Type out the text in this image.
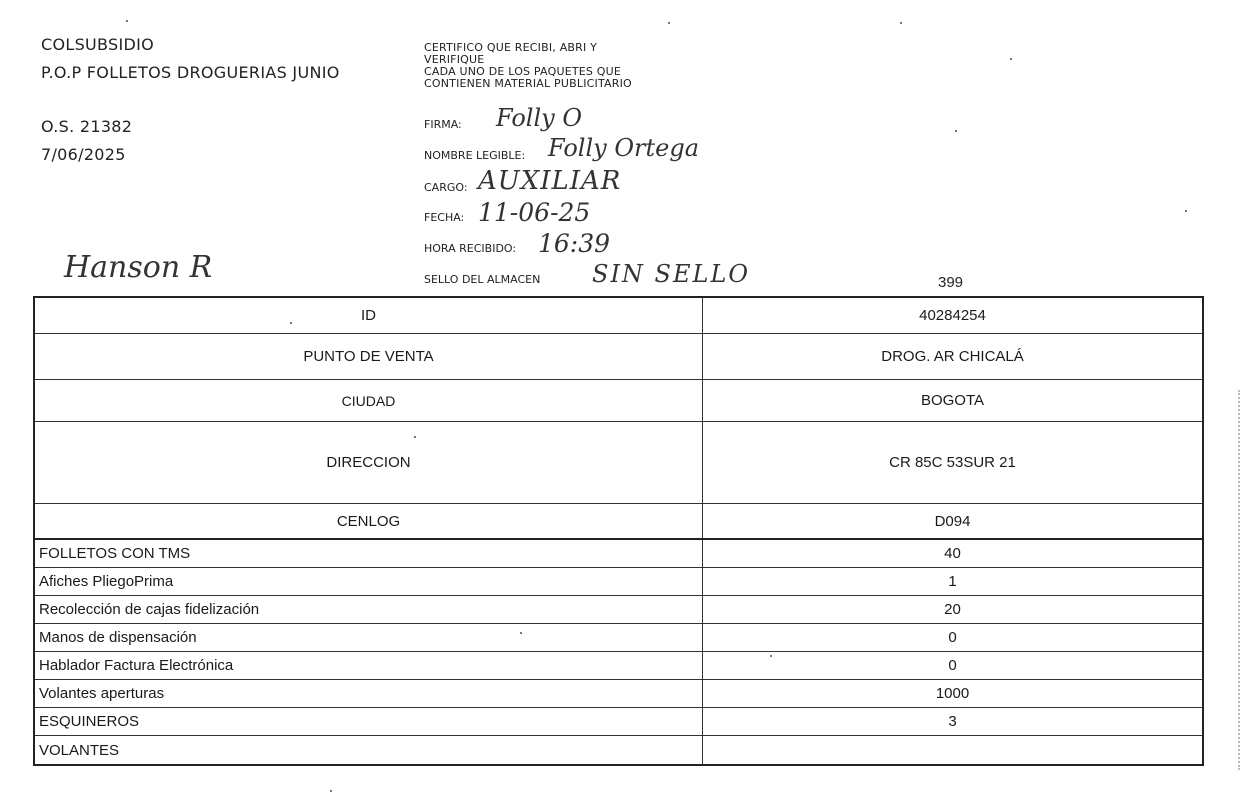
COLSUBSIDIO
P.O.P FOLLETOS DROGUERIAS JUNIO
O.S. 21382
7/06/2025
CERTIFICO QUE RECIBI, ABRI Y
VERIFIQUE
CADA UNO DE LOS PAQUETES QUE
CONTIENEN MATERIAL PUBLICITARIO
FIRMA: Folly O
NOMBRE LEGIBLE: Folly Ortega
CARGO: AUXILIAR
FECHA: 11-06-25
HORA RECIBIDO: 16:39
SELLO DEL ALMACEN SIN SELLO
Hanson R	399
ID	40284254
PUNTO DE VENTA	DROG. AR CHICALÁ
CIUDAD	BOGOTA
DIRECCION	CR 85C 53SUR 21
CENLOG	D094
FOLLETOS CON TMS	40
Afiches PliegoPrima	1
Recolección de cajas fidelización	20
Manos de dispensación	0
Hablador Factura Electrónica	0
Volantes aperturas	1000
ESQUINEROS	3
VOLANTES
